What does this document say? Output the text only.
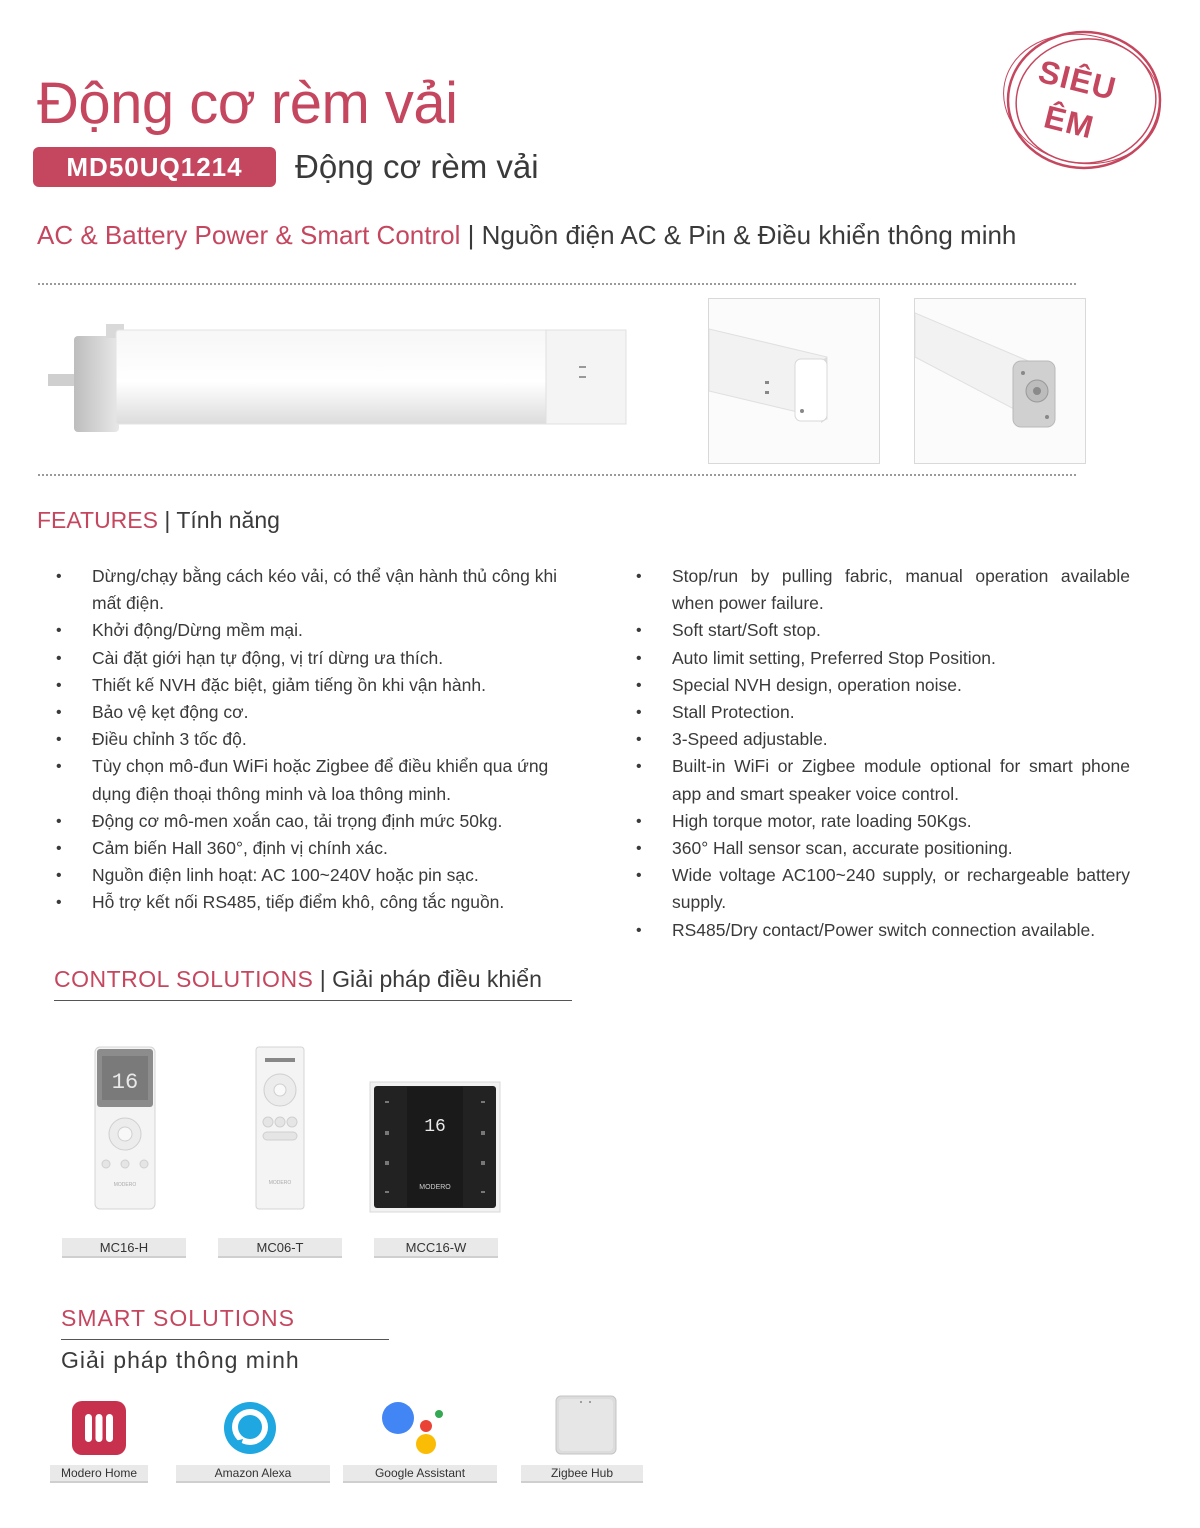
Động cơ rèm vải
MD50UQ1214	Động cơ rèm vải
SIÊU
ÊM
AC & Battery Power & Smart Control | Nguồn điện AC & Pin & Điều khiển thông minh
FEATURES | Tính năng
• Dừng/chạy bằng cách kéo vải, có thể vận hành thủ công khi mất điện.
• Khởi động/Dừng mềm mại.
• Cài đặt giới hạn tự động, vị trí dừng ưa thích.
• Thiết kế NVH đặc biệt, giảm tiếng ồn khi vận hành.
• Bảo vệ kẹt động cơ.
• Điều chỉnh 3 tốc độ.
• Tùy chọn mô-đun WiFi hoặc Zigbee để điều khiển qua ứng dụng điện thoại thông minh và loa thông minh.
• Động cơ mô-men xoắn cao, tải trọng định mức 50kg.
• Cảm biến Hall 360°, định vị chính xác.
• Nguồn điện linh hoạt: AC 100~240V hoặc pin sạc.
• Hỗ trợ kết nối RS485, tiếp điểm khô, công tắc nguồn.
• Stop/run by pulling fabric, manual operation available when power failure.
• Soft start/Soft stop.
• Auto limit setting, Preferred Stop Position.
• Special NVH design, operation noise.
• Stall Protection.
• 3-Speed adjustable.
• Built-in WiFi or Zigbee module optional for smart phone app and smart speaker voice control.
• High torque motor, rate loading 50Kgs.
• 360° Hall sensor scan, accurate positioning.
• Wide voltage AC100~240 supply, or rechargeable battery supply.
• RS485/Dry contact/Power switch connection available.
CONTROL SOLUTIONS | Giải pháp điều khiển
16
MODERO
MC16-H
MODERO
MC06-T
16
MODERO
MCC16-W
SMART SOLUTIONS
Giải pháp thông minh
Modero Home	Amazon Alexa	Google Assistant	Zigbee Hub
